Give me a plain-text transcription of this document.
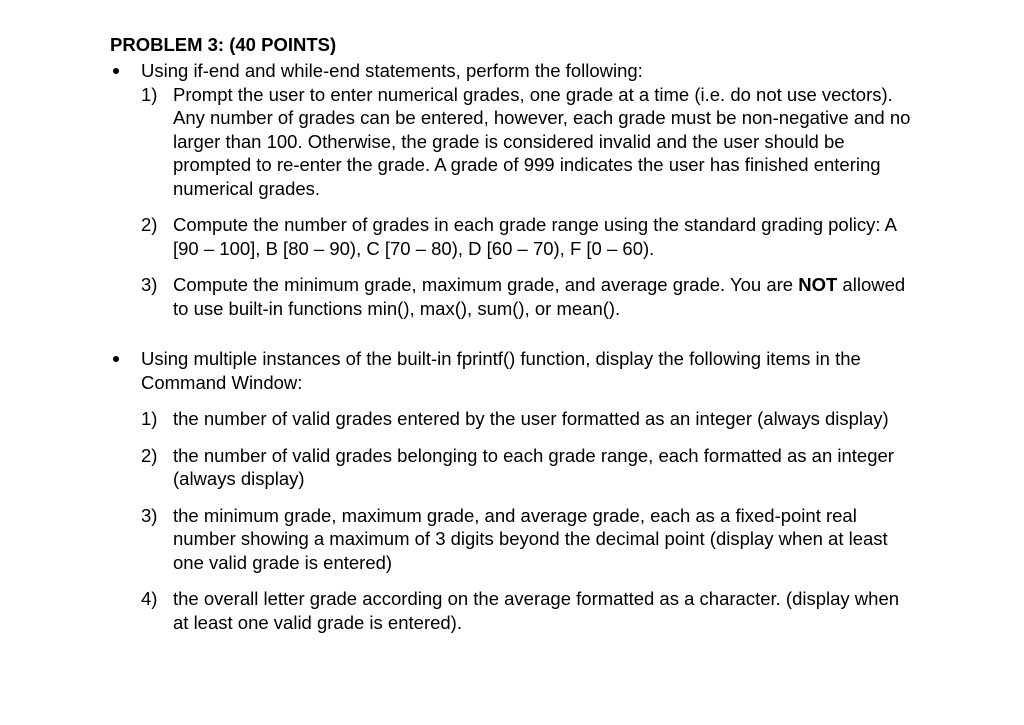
PROBLEM 3: (40 POINTS)
Using if-end and while-end statements, perform the following:
1) Prompt the user to enter numerical grades, one grade at a time (i.e. do not use vectors). Any number of grades can be entered, however, each grade must be non-negative and no larger than 100. Otherwise, the grade is considered invalid and the user should be prompted to re-enter the grade. A grade of 999 indicates the user has finished entering numerical grades.
2) Compute the number of grades in each grade range using the standard grading policy: A [90 – 100], B [80 – 90), C [70 – 80), D [60 – 70), F [0 – 60).
3) Compute the minimum grade, maximum grade, and average grade. You are NOT allowed to use built-in functions min(), max(), sum(), or mean().
Using multiple instances of the built-in fprintf() function, display the following items in the Command Window:
1) the number of valid grades entered by the user formatted as an integer (always display)
2) the number of valid grades belonging to each grade range, each formatted as an integer (always display)
3) the minimum grade, maximum grade, and average grade, each as a fixed-point real number showing a maximum of 3 digits beyond the decimal point (display when at least one valid grade is entered)
4) the overall letter grade according on the average formatted as a character. (display when at least one valid grade is entered).
